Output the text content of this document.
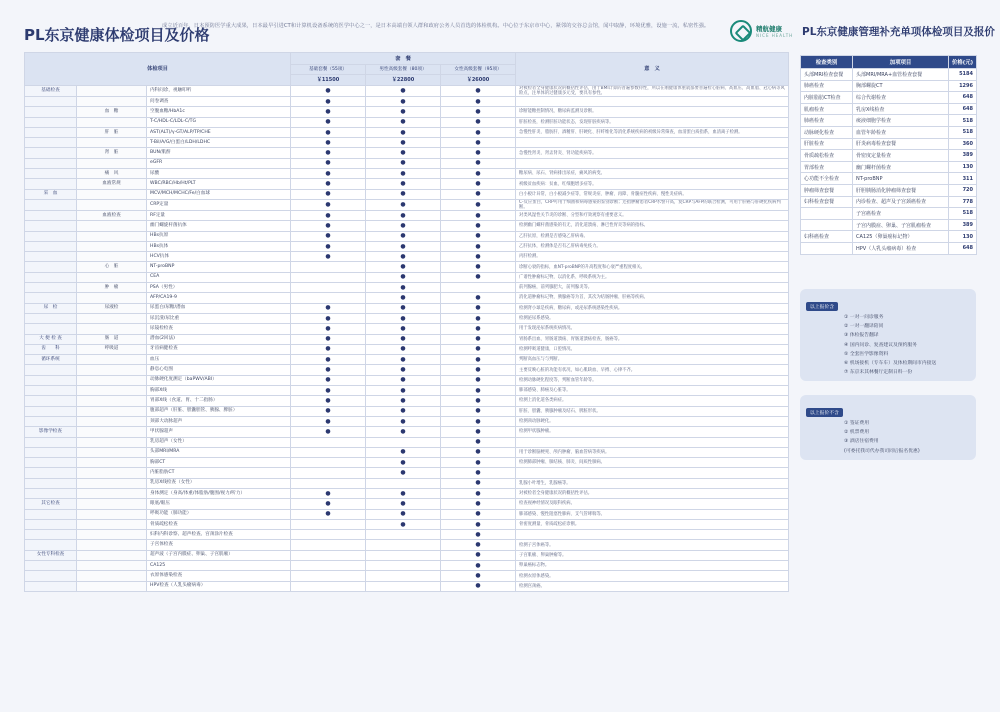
PL东京健康体检项目及价格
成立近百年，日本预防医学重大成果，日本最早引进CT和计算机设备系统的医学中心之一，是日本高端自领人群和政府公务人员首选的体检机构。中心位于东京市中心，紧邻的交谷总会馆，闻中取静，环境优雅，设施一流，私密性强。	精航健康
NICE HEALTH
体检项目			套　餐			意　义
			基础套餐（55项）	男性高级套餐（80项）	女性高级套餐（95项）	
			￥11500	￥22800	￥26000	
基础检查		内科问诊，视触叩听	●	●	●	对被检者全身健康状况的概括性评估，由于BMI计算的普遍参数特性，所以在刚健康体重就都要普遍检心脏病、高血压、高血脂、冠心病等风险点，注单体的过健康多元受，要具有参性。
		问卷调查	●	●	●	
	血　糖	空腹血糖/HbA1c	●	●	●	诊断能糖控制情况，糖尿病监测及诊断。
		T-C/HDL-C/LDL-C/TG	●	●	●	肝脏检查，检测肝脏功能状态，发现肝脏疾病等。
	肝　脏	AST(ALT)/γ-GT/ALP/TP/CHE	●	●	●	急慢性肝炎、脂肪肝、酒精肝、肝硬化、肝纤维化等消化系统疾病的初级异常筛查，血清蛋白质指系，血清离子检测。
		T-Bil/A/G/白蛋白/LDH/LDHC	●	●	●	
	肾　脏	BUN/肌酐	●	●	●	急慢性肾炎、肾盂肾炎、肾功能疾病等。
		eGFR	●	●	●	
	痛　风	尿酸	●	●	●	糖尿病、尿石、肾病排出尿症，痛风的病变。
	血液常规	WBC/RBC/Hb/Ht/PLT	●	●	●	初级贫血疾病：贫血、红细胞增多症等。
采　血		MCV/MCH/MCHC/Fe/白血球	●	●	●	白小板计异常，白小板减少症等，常规炎症、肿瘤、再障、骨髓症性疾病、慢性炎症病。
		CRP定量	●	●	●	C-反应蛋白，CRP可用于细菌和病毒感染的鉴别诊断；还指肿瘤患者CRP水警升高，复CRP与AFP的联合检测，可用于肝癌与肝硬化疾病判断。
	血液检查	RF定量	●	●	●	对类风湿性关节炎的诊断、分型和疗效观察有重要意义。
		幽门螺旋杆菌抗体	●	●	●	检测幽门螺杆菌感染的有无，消化道溃疡、淋巴性胃炎等病的指标。
		HBs抗原	●	●	●	乙肝抗原，检测是否感染乙肝病毒。
		HBs抗体	●	●	●	乙肝抗体，检测体是否有乙肝病毒免疫力。
		HCV抗体	●	●	●	丙肝检测。
	心　脏	NT-proBNP		●	●	诊断心衰的指标，血NT-proBNP的升高程度和心衰严重程度相关。
		CEA		●	●	广谱性肿瘤标记物，以消化系、呼吸系统为主。
	肿　瘤	PSA（男性）		●		前列腺癌，前列腺肥大，前列腺炎等。
		AFP/CA19-9		●	●	消化道肿瘤标记物，胰腺癌等为首，其次为结肠肿瘤、肝癌等疾病。
尿　检	尿液检	尿蛋白/尿糖/潜血	●	●	●	检测肾小球是疾病，糖尿病，或泌尿系统感染性疾病。
		尿沉渣/尿比重	●	●	●	检测泌尿系感染。
		尿镜检检查	●	●	●	用于发现泌尿系统疾病情况。
大 便 检 查	肠　道	潜血(2回法)	●	●	●	胃肠系出血、胃肠道溃疡、胃肠道溃疡检查、肠癌等。
齿　　科	呼吸道	牙齿病健检查	●	●	●	检测呼吸道健康，口腔情况。
循环系统		血压	●	●	●	判断高血压与与判断。
		静息心电图	●	●	●	主要反映心脏的功能有状况，如心肌缺血、早搏、心律不齐。
		动脉硬化度测定（baPWV/ABI）	●	●	●	检测动脉硬化程度等，判断血管年龄等。
		胸部X线	●	●	●	肺部感染、肺癌及心脏等。
		胃部X线（食道、胃、十二指肠）	●	●	●	检测上消化道各类病症。
		腹部超声（肝脏、胆囊胆管、胰腺、脾脏）	●	●	●	肝脏、胆囊、胰腺肿瘤及结石、脾脏形状。
		颈部大动脉超声	●	●	●	检测颈动脉硬化。
影像学检查		甲状腺超声	●	●	●	检测甲状腺肿瘤。
		乳房超声（女性）			●	
		头部MRI/MRA		●	●	用于诊断脑梗死、颅内肿瘤、脑血管病等疾病。
		胸部CT		●	●	检测肺部肿瘤、肺结核、肺炎、间质性肺病。
		内脏脂肪CT		●	●	
		乳房X线检查（女性）			●	乳腺小叶增生，乳腺癌等。
		身体测定（身高/体重/体脂肪/腹围/视力/听力）	●	●	●	对被检者全身健康状况的概括性评估。
其它检查		眼底/眼压	●	●	●	检查视神经情况及眼科疾病。
		呼吸功能（肺功能）	●	●	●	肺部感染、慢性阻塞性肺病、支气管哮喘等。
		骨质疏松检查		●	●	骨密度测量，骨质疏松症诊断。
		妇科内科诊察、超声检查、宫颈涂片检查			●	
		子宫体检查			●	检测子宫体癌等。
女性专科检查		超声波（子宫内膜症、卵巢、子宫肌瘤）			●	子宫肌瘤、卵巢肿瘤等。
		CA125			●	卵巢癌标志物。
		衣原体感染检查			●	检测衣原体感染。
		HPV检查（人乳头瘤病毒）			●	检测宫颈癌。
PL东京健康管理补充单项体检项目及报价
检查类别	加项项目	价格(元)
头部MRI检查套餐	头部MRI/MRA+血管检查套餐	5184
肺癌检查	胸部螺旋CT	1296
内脏脂肪CT检查	综合代谢检查	648
肌瘤检查	乳房X线检查	648
肺癌检查	痰液细胞学检查	518
动脉硬化检查	血管年龄检查	518
肝脏检查	肝炎病毒检查套餐	360
骨质疏松检查	骨密度定量检查	389
胃部检查	幽门螺杆菌检查	130
心功能不全检查	NT-proBNP	311
肿瘤筛查套餐	肝胆胰肠消化肿瘤筛查套餐	720
妇科检查套餐	内诊检查、超声及子宫颈癌检查	778
	子宫癌检查	518
	子宫内膜症、卵巢、子宫肌瘤检查	389
妇科癌检查	CA125（卵巢癌标记物）	130
	HPV（人乳头瘤病毒）检查	648
以上报价含
① 一对一问诊服务
② 一对一翻译陪同
③ 体检报告翻译
④ 国内问诊、复查建议及预约服务
⑤ 全套医学影像资料
⑥ 机场接机（专车车）及体检期间市内接送
⑦ 东京未其林餐厅定制日料一份
以上报价不含
① 签证费用
② 机票费用
③ 酒店住宿费用
(可委托我司代办我司同后报名优惠)
